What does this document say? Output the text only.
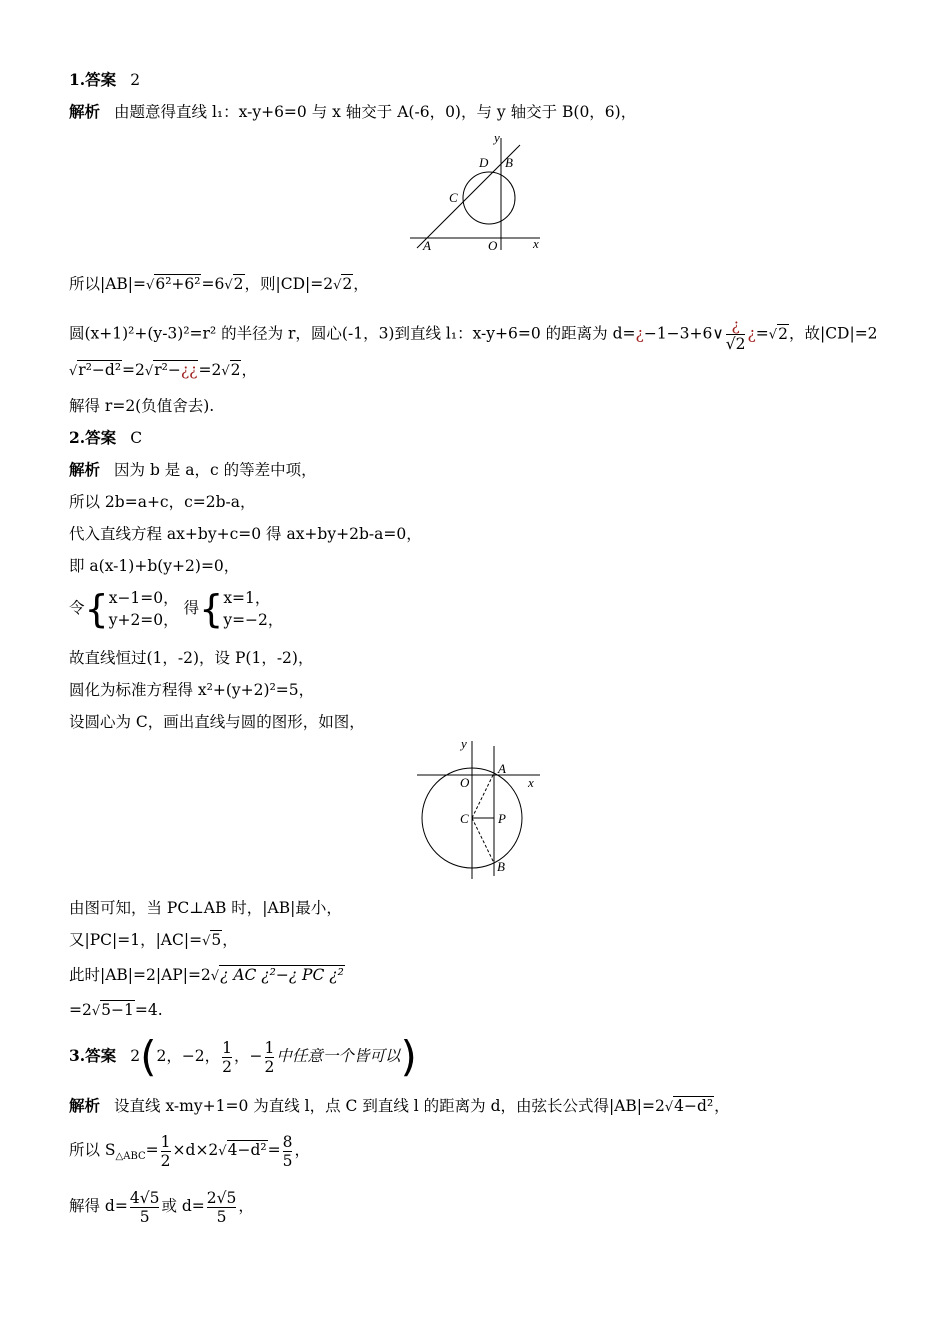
1.答案 2
解析 由题意得直线 l₁：x-y+6=0 与 x 轴交于 A(-6，0)，与 y 轴交于 B(0，6)，
y
x
D B
C
A	O
所以|AB|=√6²+6²=6√2，则|CD|=2√2，
圆(x+1)²+(y-3)²=r² 的半径为 r，圆心(-1，3)到直线 l₁：x-y+6=0 的距离为 d=¿−1−3+6∨ ¿
√2
¿=√2，故|CD|=2
√r²−d²=2√r²−¿¿=2√2，
解得 r=2(负值舍去).
2.答案 C
解析 因为 b 是 a，c 的等差中项，
所以 2b=a+c，c=2b-a，
代入直线方程 ax+by+c=0 得 ax+by+2b-a=0，
即 a(x-1)+b(y+2)=0，
令{ x−1=0，
y+2=0，
得{ x=1，
y=−2，
故直线恒过(1，-2)，设 P(1，-2)，
圆化为标准方程得 x²+(y+2)²=5，
设圆心为 C，画出直线与圆的图形，如图，
y
x
O
A
C P
B
由图可知，当 PC⊥AB 时，|AB|最小，
又|PC|=1，|AC|=√5，
此时|AB|=2|AP|=2√¿ AC ¿²−¿ PC ¿²
=2√5−1=4.
3.答案 2(2，−2， $\frac{1}{2}$ ，− $\frac{1}{2}$ 中任意一个皆可以)
解析 设直线 x-my+1=0 为直线 l，点 C 到直线 l 的距离为 d，由弦长公式得|AB|=2√4−d²，
所以 $S_{\triangle ABC}= \frac{1}{2} \times d\times 2√4-d^2= \frac{8}{5}$ ，
解得 $d= \frac{4√5}{5}$ 或 $d= \frac{2√5}{5}$ ，
